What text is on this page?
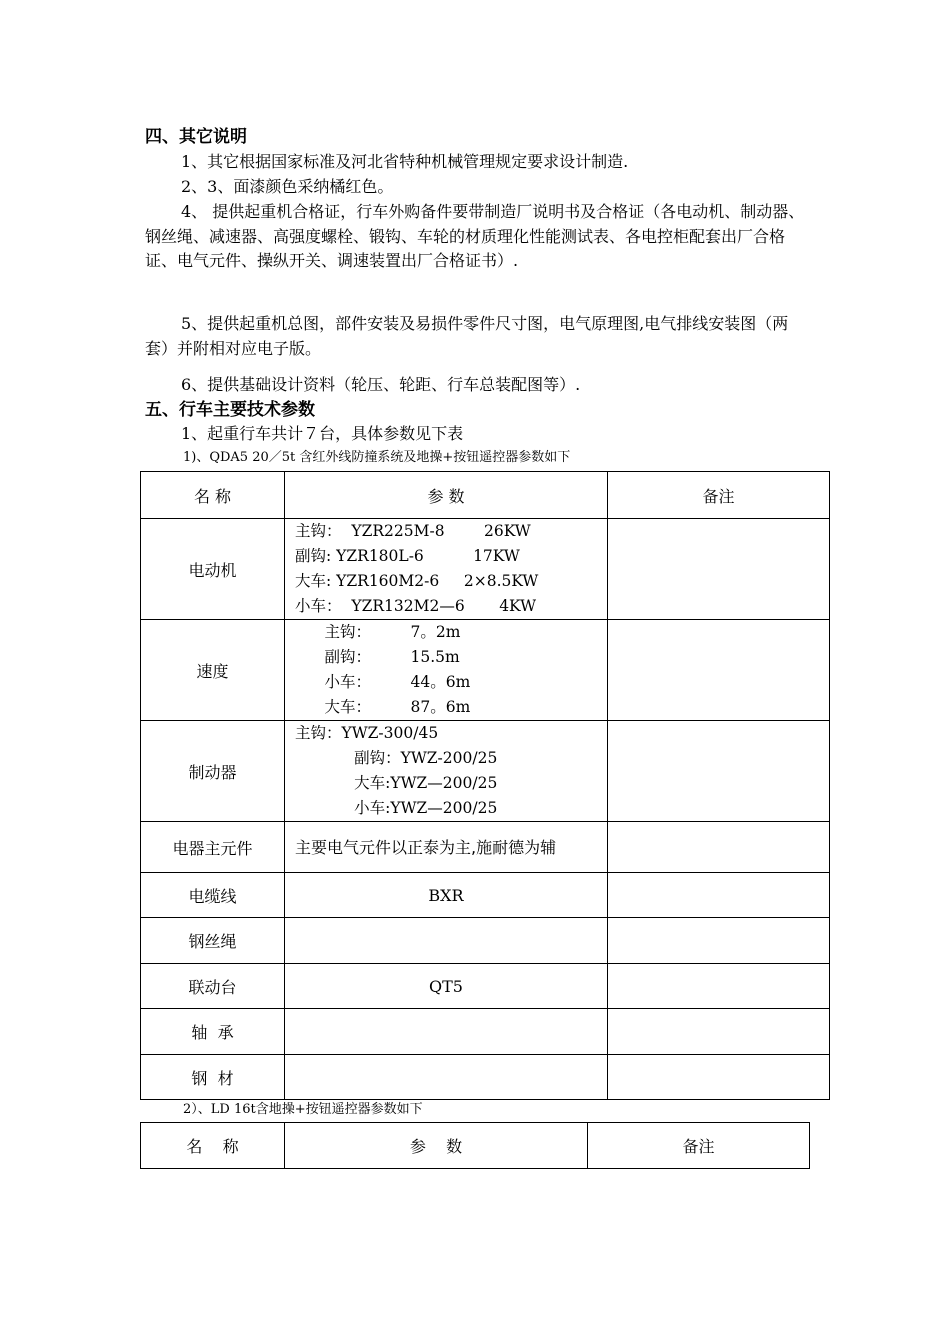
四、其它说明
1、其它根据国家标准及河北省特种机械管理规定要求设计制造.
2、3、面漆颜色采纳橘红色。
4、 提供起重机合格证，行车外购备件要带制造厂说明书及合格证（各电动机、制动器、钢丝绳、减速器、高强度螺栓、锻钩、车轮的材质理化性能测试表、各电控柜配套出厂合格证、电气元件、操纵开关、调速装置出厂合格证书）.
5、提供起重机总图，部件安装及易损件零件尺寸图，电气原理图,电气排线安装图（两套）并附相对应电子版。
6、提供基础设计资料（轮压、轮距、行车总装配图等）.
五、行车主要技术参数
1、起重行车共计７台，具体参数见下表
1)、QDA5 20／5t 含红外线防撞系统及地操+按钮遥控器参数如下
名 称	参 数	备注
电动机	主钩：  YZR225M-8        26KW
副钩: YZR180L-6          17KW
大车: YZR160M2-6     2×8.5KW
小车：  YZR132M2—6       4KW	

速度	主钩：        7。2m
副钩：        15.5m
小车：        44。6m
大车：        87。6m	

制动器	主钩：YWZ-300/45
副钩：YWZ-200/25
大车:YWZ—200/25
小车:YWZ—200/25	

电器主元件	主要电气元件以正泰为主,施耐德为辅	
电缆线	BXR	
钢丝绳		
联动台	QT5	
轴  承		
钢  材		
2）、LD 16t含地操+按钮遥控器参数如下
名    称	参    数	备注
